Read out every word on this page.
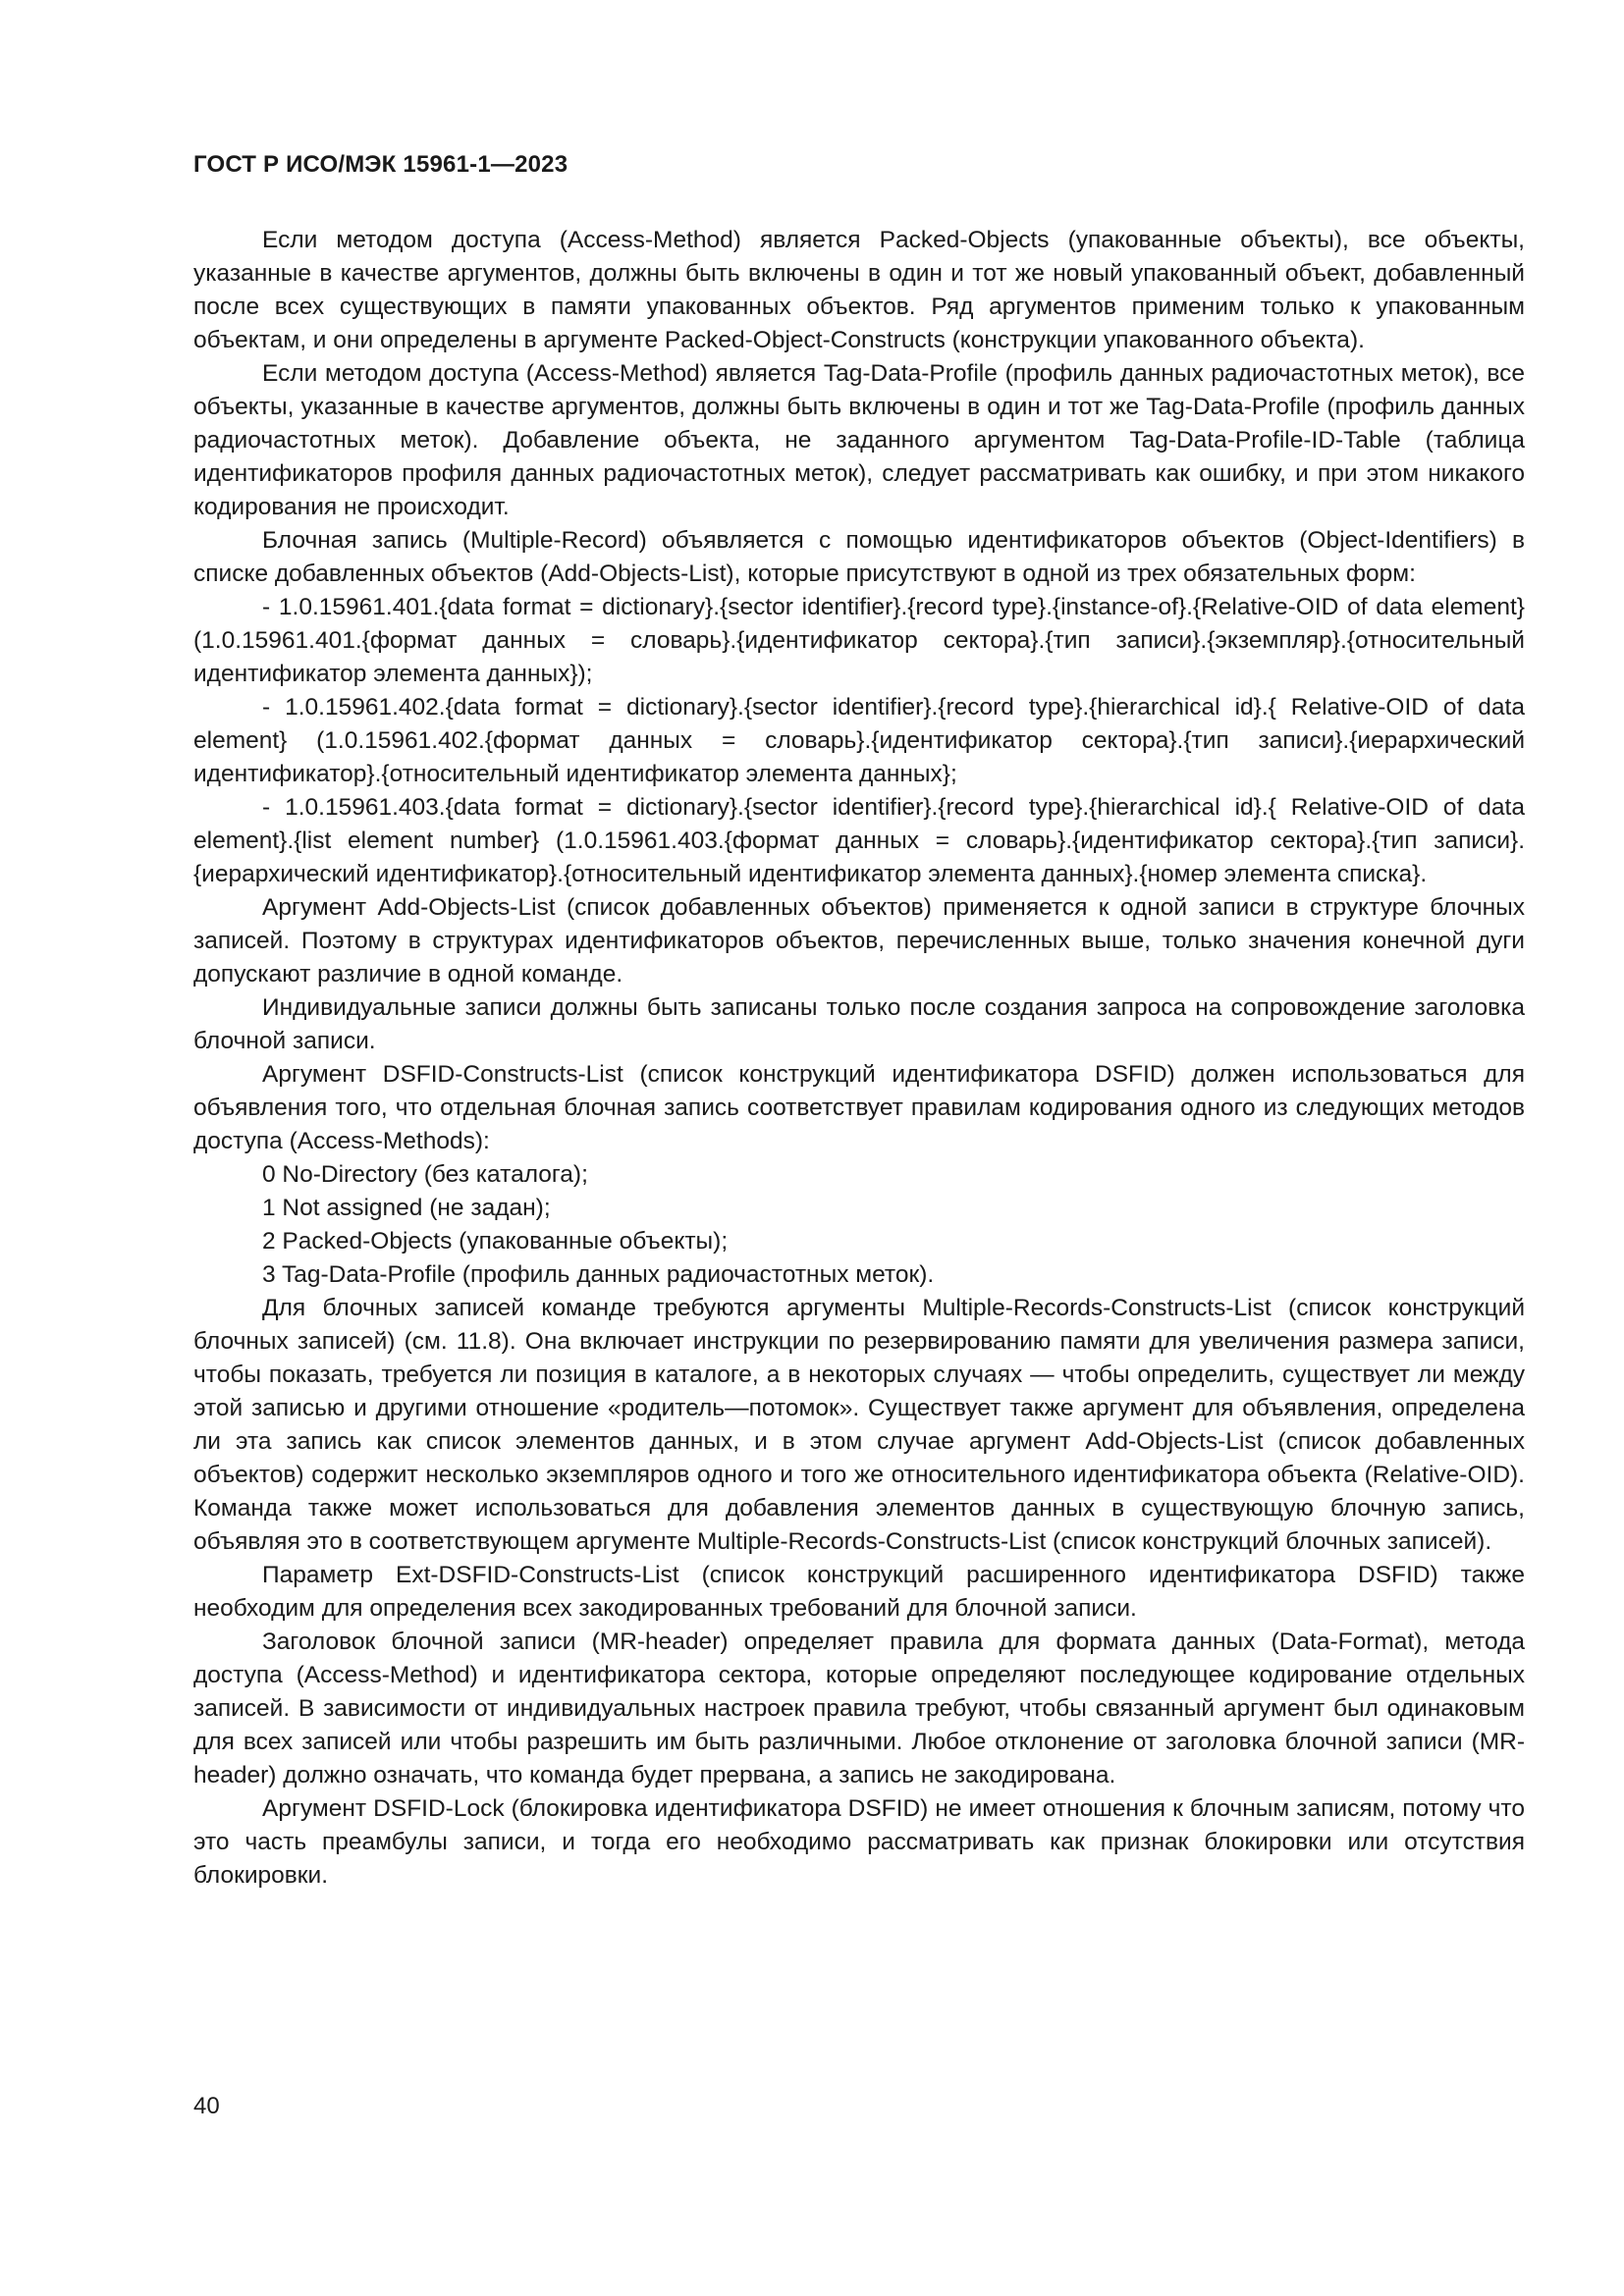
ГОСТ Р ИСО/МЭК 15961-1—2023

Если методом доступа (Access-Method) является Packed-Objects (упакованные объекты), все объекты, указанные в качестве аргументов, должны быть включены в один и тот же новый упакованный объект, добавленный после всех существующих в памяти упакованных объектов. Ряд аргументов применим только к упакованным объектам, и они определены в аргументе Packed-Object-Constructs (конструкции упакованного объекта).

Если методом доступа (Access-Method) является Tag-Data-Profile (профиль данных радиочастотных меток), все объекты, указанные в качестве аргументов, должны быть включены в один и тот же Tag-Data-Profile (профиль данных радиочастотных меток). Добавление объекта, не заданного аргументом Tag-Data-Profile-ID-Table (таблица идентификаторов профиля данных радиочастотных меток), следует рассматривать как ошибку, и при этом никакого кодирования не происходит.

Блочная запись (Multiple-Record) объявляется с помощью идентификаторов объектов (Object-Identifiers) в списке добавленных объектов (Add-Objects-List), которые присутствуют в одной из трех обязательных форм:

- 1.0.15961.401.{data format = dictionary}.{sector identifier}.{record type}.{instance-of}.{Relative-OID of data element} (1.0.15961.401.{формат данных = словарь}.{идентификатор сектора}.{тип записи}.{экземпляр}.{относительный идентификатор элемента данных});

- 1.0.15961.402.{data format = dictionary}.{sector identifier}.{record type}.{hierarchical id}.{ Relative-OID of data element} (1.0.15961.402.{формат данных = словарь}.{идентификатор сектора}.{тип записи}.{иерархический идентификатор}.{относительный идентификатор элемента данных};

- 1.0.15961.403.{data format = dictionary}.{sector identifier}.{record type}.{hierarchical id}.{ Relative-OID of data element}.{list element number} (1.0.15961.403.{формат данных = словарь}.{идентификатор сектора}.{тип записи}.{иерархический идентификатор}.{относительный идентификатор элемента данных}.{номер элемента списка}.

Аргумент Add-Objects-List (список добавленных объектов) применяется к одной записи в структуре блочных записей. Поэтому в структурах идентификаторов объектов, перечисленных выше, только значения конечной дуги допускают различие в одной команде.

Индивидуальные записи должны быть записаны только после создания запроса на сопровождение заголовка блочной записи.

Аргумент DSFID-Constructs-List (список конструкций идентификатора DSFID) должен использоваться для объявления того, что отдельная блочная запись соответствует правилам кодирования одного из следующих методов доступа (Access-Methods):

0 No-Directory (без каталога);

1 Not assigned (не задан);

2 Packed-Objects (упакованные объекты);

3 Tag-Data-Profile (профиль данных радиочастотных меток).

Для блочных записей команде требуются аргументы Multiple-Records-Constructs-List (список конструкций блочных записей) (см. 11.8). Она включает инструкции по резервированию памяти для увеличения размера записи, чтобы показать, требуется ли позиция в каталоге, а в некоторых случаях — чтобы определить, существует ли между этой записью и другими отношение «родитель—потомок». Существует также аргумент для объявления, определена ли эта запись как список элементов данных, и в этом случае аргумент Add-Objects-List (список добавленных объектов) содержит несколько экземпляров одного и того же относительного идентификатора объекта (Relative-OID). Команда также может использоваться для добавления элементов данных в существующую блочную запись, объявляя это в соответствующем аргументе Multiple-Records-Constructs-List (список конструкций блочных записей).

Параметр Ext-DSFID-Constructs-List (список конструкций расширенного идентификатора DSFID) также необходим для определения всех закодированных требований для блочной записи.

Заголовок блочной записи (MR-header) определяет правила для формата данных (Data-Format), метода доступа (Access-Method) и идентификатора сектора, которые определяют последующее кодирование отдельных записей. В зависимости от индивидуальных настроек правила требуют, чтобы связанный аргумент был одинаковым для всех записей или чтобы разрешить им быть различными. Любое отклонение от заголовка блочной записи (MR-header) должно означать, что команда будет прервана, а запись не закодирована.

Аргумент DSFID-Lock (блокировка идентификатора DSFID) не имеет отношения к блочным записям, потому что это часть преамбулы записи, и тогда его необходимо рассматривать как признак блокировки или отсутствия блокировки.

40
